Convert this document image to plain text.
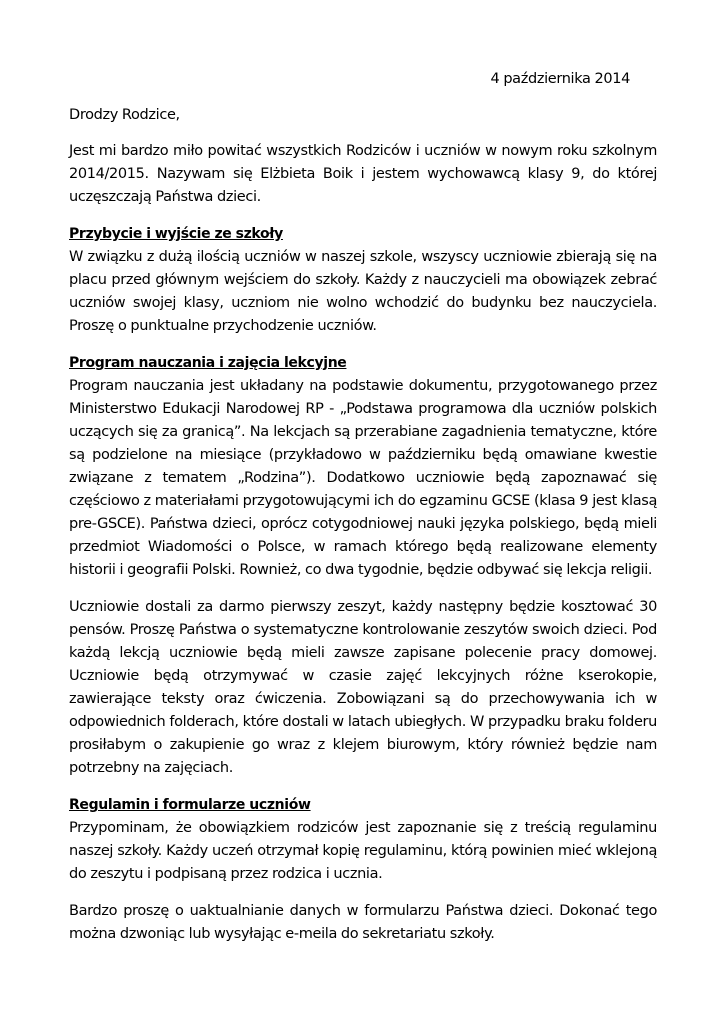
4 października 2014
Drodzy Rodzice,

Jest mi bardzo miło powitać wszystkich Rodziców i uczniów w nowym roku szkolnym 2014/2015. Nazywam się Elżbieta Boik i jestem wychowawcą klasy 9, do której uczęszczają Państwa dzieci.

Przybycie i wyjście ze szkoły

W związku z dużą ilością uczniów w naszej szkole, wszyscy uczniowie zbierają się na placu przed głównym wejściem do szkoły. Każdy z nauczycieli ma obowiązek zebrać uczniów swojej klasy, uczniom nie wolno wchodzić do budynku bez nauczyciela. Proszę o punktualne przychodzenie uczniów.

Program nauczania i zajęcia lekcyjne

Program nauczania jest układany na podstawie dokumentu, przygotowanego przez Ministerstwo Edukacji Narodowej RP - „Podstawa programowa dla uczniów polskich uczących się za granicą”. Na lekcjach są przerabiane zagadnienia tematyczne, które są podzielone na miesiące (przykładowo w październiku będą omawiane kwestie związane z tematem „Rodzina”). Dodatkowo uczniowie będą zapoznawać się częściowo z materiałami przygotowującymi ich do egzaminu GCSE (klasa 9 jest klasą pre-GSCE). Państwa dzieci, oprócz cotygodniowej nauki języka polskiego, będą mieli przedmiot Wiadomości o Polsce, w ramach którego będą realizowane elementy historii i geografii Polski. Rownież, co dwa tygodnie, będzie odbywać się lekcja religii.

Uczniowie dostali za darmo pierwszy zeszyt, każdy następny będzie kosztować 30 pensów. Proszę Państwa o systematyczne kontrolowanie zeszytów swoich dzieci. Pod każdą lekcją uczniowie będą mieli zawsze zapisane polecenie pracy domowej. Uczniowie będą otrzymywać w czasie zajęć lekcyjnych różne kserokopie, zawierające teksty oraz ćwiczenia. Zobowiązani są do przechowywania ich w odpowiednich folderach, które dostali w latach ubiegłych. W przypadku braku folderu prosiłabym o zakupienie go wraz z klejem biurowym, który również będzie nam potrzebny na zajęciach.

Regulamin i formularze uczniów

Przypominam, że obowiązkiem rodziców jest zapoznanie się z treścią regulaminu naszej szkoły. Każdy uczeń otrzymał kopię regulaminu, którą powinien mieć wklejoną do zeszytu i podpisaną przez rodzica i ucznia.

Bardzo proszę o uaktualnianie danych w formularzu Państwa dzieci. Dokonać tego można dzwoniąc lub wysyłając e-meila do sekretariatu szkoły.
